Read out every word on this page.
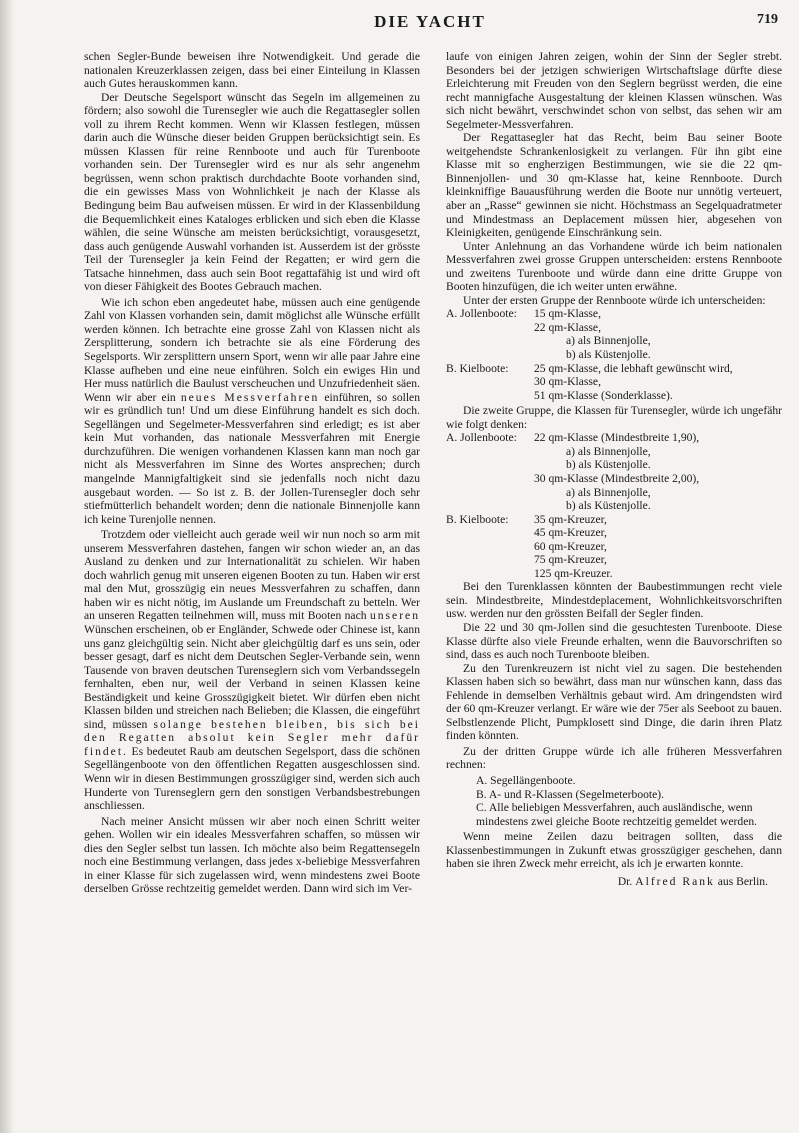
DIE YACHT	719

schen Segler-Bunde beweisen ihre Notwendigkeit. Und gerade die nationalen Kreuzerklassen zeigen, dass bei einer Einteilung in Klassen auch Gutes herauskommen kann.

Der Deutsche Segelsport wünscht das Segeln im allgemeinen zu fördern; also sowohl die Turensegler wie auch die Regattasegler sollen voll zu ihrem Recht kommen. Wenn wir Klassen festlegen, müssen darin auch die Wünsche dieser beiden Gruppen berücksichtigt sein. Es müssen Klassen für reine Rennboote und auch für Turenboote vorhanden sein. Der Turensegler wird es nur als sehr angenehm begrüssen, wenn schon praktisch durchdachte Boote vorhanden sind, die ein gewisses Mass von Wohnlichkeit je nach der Klasse als Bedingung beim Bau aufweisen müssen. Er wird in der Klassenbildung die Bequemlichkeit eines Kataloges erblicken und sich eben die Klasse wählen, die seine Wünsche am meisten berücksichtigt, vorausgesetzt, dass auch genügende Auswahl vorhanden ist. Ausserdem ist der grösste Teil der Turensegler ja kein Feind der Regatten; er wird gern die Tatsache hinnehmen, dass auch sein Boot regattafähig ist und wird oft von dieser Fähigkeit des Bootes Gebrauch machen.

Wie ich schon eben angedeutet habe, müssen auch eine genügende Zahl von Klassen vorhanden sein, damit möglichst alle Wünsche erfüllt werden können. Ich betrachte eine grosse Zahl von Klassen nicht als Zersplitterung, sondern ich betrachte sie als eine Förderung des Segelsports. Wir zersplittern unsern Sport, wenn wir alle paar Jahre eine Klasse aufheben und eine neue einführen. Solch ein ewiges Hin und Her muss natürlich die Baulust verscheuchen und Unzufriedenheit säen. Wenn wir aber ein neues Messverfahren einführen, so sollen wir es gründlich tun! Und um diese Einführung handelt es sich doch. Segellängen und Segelmeter-Messverfahren sind erledigt; es ist aber kein Mut vorhanden, das nationale Messverfahren mit Energie durchzuführen. Die wenigen vorhandenen Klassen kann man noch gar nicht als Messverfahren im Sinne des Wortes ansprechen; durch mangelnde Mannigfaltigkeit sind sie jedenfalls noch nicht dazu ausgebaut worden. — So ist z. B. der Jollen-Turensegler doch sehr stiefmütterlich behandelt worden; denn die nationale Binnenjolle kann ich keine Turenjolle nennen.

Trotzdem oder vielleicht auch gerade weil wir nun noch so arm mit unserem Messverfahren dastehen, fangen wir schon wieder an, an das Ausland zu denken und zur Internationalität zu schielen. Wir haben doch wahrlich genug mit unseren eigenen Booten zu tun. Haben wir erst mal den Mut, grosszügig ein neues Messverfahren zu schaffen, dann haben wir es nicht nötig, im Auslande um Freundschaft zu betteln. Wer an unseren Regatten teilnehmen will, muss mit Booten nach unseren Wünschen erscheinen, ob er Engländer, Schwede oder Chinese ist, kann uns ganz gleichgültig sein. Nicht aber gleichgültig darf es uns sein, oder besser gesagt, darf es nicht dem Deutschen Segler-Verbande sein, wenn Tausende von braven deutschen Turenseglern sich vom Verbandssegeln fernhalten, eben nur, weil der Verband in seinen Klassen keine Beständigkeit und keine Grosszügigkeit bietet. Wir dürfen eben nicht Klassen bilden und streichen nach Belieben; die Klassen, die eingeführt sind, müssen solange bestehen bleiben, bis sich bei den Regatten absolut kein Segler mehr dafür findet. Es bedeutet Raub am deutschen Segelsport, dass die schönen Segellängenboote von den öffentlichen Regatten ausgeschlossen sind. Wenn wir in diesen Bestimmungen grosszügiger sind, werden sich auch Hunderte von Turenseglern gern den sonstigen Verbandsbestrebungen anschliessen.

Nach meiner Ansicht müssen wir aber noch einen Schritt weiter gehen. Wollen wir ein ideales Messverfahren schaffen, so müssen wir dies den Segler selbst tun lassen. Ich möchte also beim Regattensegeln noch eine Bestimmung verlangen, dass jedes x-beliebige Messverfahren in einer Klasse für sich zugelassen wird, wenn mindestens zwei Boote derselben Grösse rechtzeitig gemeldet werden. Dann wird sich im Ver-

laufe von einigen Jahren zeigen, wohin der Sinn der Segler strebt. Besonders bei der jetzigen schwierigen Wirtschaftslage dürfte diese Erleichterung mit Freuden von den Seglern begrüsst werden, die eine recht mannigfache Ausgestaltung der kleinen Klassen wünschen. Was sich nicht bewährt, verschwindet schon von selbst, das sehen wir am Segelmeter-Messverfahren.

Der Regattasegler hat das Recht, beim Bau seiner Boote weitgehendste Schrankenlosigkeit zu verlangen. Für ihn gibt eine Klasse mit so engherzigen Bestimmungen, wie sie die 22 qm-Binnenjollen- und 30 qm-Klasse hat, keine Rennboote. Durch kleinkniffige Bauausführung werden die Boote nur unnötig verteuert, aber an „Rasse“ gewinnen sie nicht. Höchstmass an Segelquadratmeter und Mindestmass an Deplacement müssen hier, abgesehen von Kleinigkeiten, genügende Einschränkung sein.

Unter Anlehnung an das Vorhandene würde ich beim nationalen Messverfahren zwei grosse Gruppen unterscheiden: erstens Rennboote und zweitens Turenboote und würde dann eine dritte Gruppe von Booten hinzufügen, die ich weiter unten erwähne.

Unter der ersten Gruppe der Rennboote würde ich unterscheiden:

A. Jollenboote:	15 qm-Klasse,
22 qm-Klasse,
a) als Binnenjolle,
b) als Küstenjolle.
B. Kielboote:	25 qm-Klasse, die lebhaft gewünscht wird,
30 qm-Klasse,
51 qm-Klasse (Sonderklasse).

Die zweite Gruppe, die Klassen für Turensegler, würde ich ungefähr wie folgt denken:

A. Jollenboote:	22 qm-Klasse (Mindestbreite 1,90),
a) als Binnenjolle,
b) als Küstenjolle.
30 qm-Klasse (Mindestbreite 2,00),
a) als Binnenjolle,
b) als Küstenjolle.
B. Kielboote:	35 qm-Kreuzer,
45 qm-Kreuzer,
60 qm-Kreuzer,
75 qm-Kreuzer,
125 qm-Kreuzer.

Bei den Turenklassen könnten der Baubestimmungen recht viele sein. Mindestbreite, Mindestdeplacement, Wohnlichkeitsvorschriften usw. werden nur den grössten Beifall der Segler finden.

Die 22 und 30 qm-Jollen sind die gesuchtesten Turenboote. Diese Klasse dürfte also viele Freunde erhalten, wenn die Bauvorschriften so sind, dass es auch noch Turenboote bleiben.

Zu den Turenkreuzern ist nicht viel zu sagen. Die bestehenden Klassen haben sich so bewährt, dass man nur wünschen kann, dass das Fehlende in demselben Verhältnis gebaut wird. Am dringendsten wird der 60 qm-Kreuzer verlangt. Er wäre wie der 75er als Seeboot zu bauen. Selbstlenzende Plicht, Pumpklosett sind Dinge, die darin ihren Platz finden könnten.

Zu der dritten Gruppe würde ich alle früheren Messverfahren rechnen:

A. Segellängenboote.
B. A- und R-Klassen (Segelmeterboote).
C. Alle beliebigen Messverfahren, auch ausländische, wenn mindestens zwei gleiche Boote rechtzeitig gemeldet werden.

Wenn meine Zeilen dazu beitragen sollten, dass die Klassenbestimmungen in Zukunft etwas grosszügiger geschehen, dann haben sie ihren Zweck mehr erreicht, als ich je erwarten konnte.

Dr. Alfred Rank aus Berlin.
